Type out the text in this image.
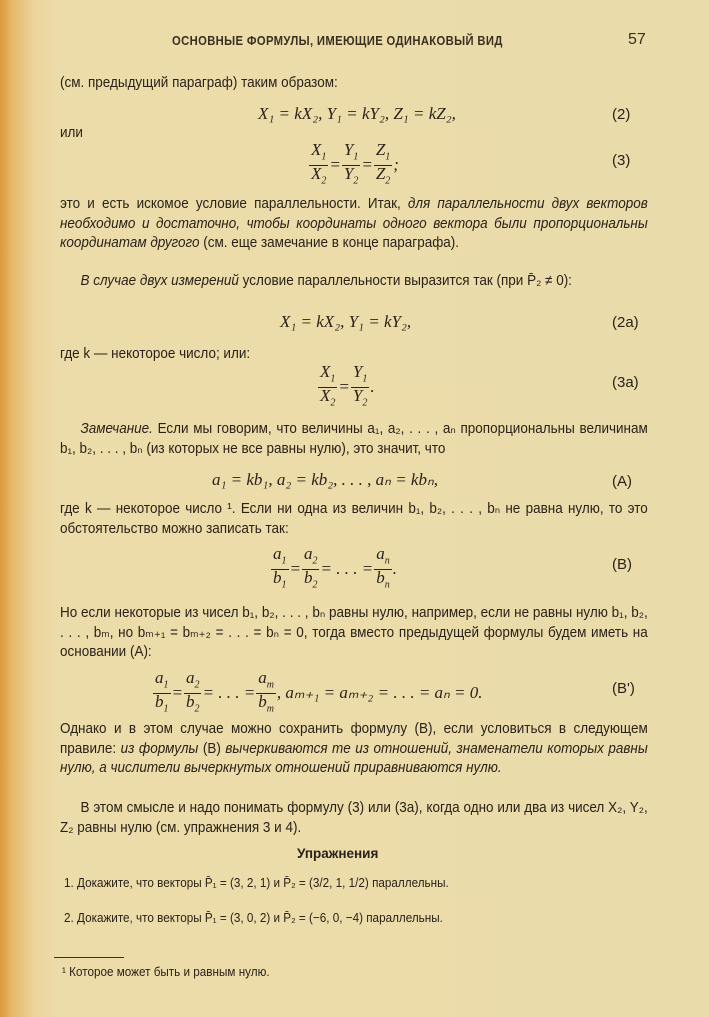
ОСНОВНЫЕ ФОРМУЛЫ, ИМЕЮЩИЕ ОДИНАКОВЫЙ ВИД	57
(см. предыдущий параграф) таким образом:
X₁ = kX₂, Y₁ = kY₂, Z₁ = kZ₂,	(2)
или
$\frac{X_1}{X_2} = \frac{Y_1}{Y_2} = \frac{Z_1}{Z_2}$ ;	(3)
это и есть искомое условие параллельности. Итак, для параллельности двух векторов необходимо и достаточно, чтобы координаты одного вектора были пропорциональны координатам другого (см. еще замечание в конце параграфа).
В случае двух измерений условие параллельности выразится так (при P̄₂ ≠ 0):
X₁ = kX₂, Y₁ = kY₂,	(2a)
где k — некоторое число; или:
$\frac{X_1}{X_2} = \frac{Y_1}{Y_2}$ .	(3a)
Замечание. Если мы говорим, что величины a₁, a₂, . . . , aₙ пропорциональны величинам b₁, b₂, . . . , bₙ (из которых не все равны нулю), это значит, что
a₁ = kb₁, a₂ = kb₂, . . . , aₙ = kbₙ,	(A)
где k — некоторое число ¹. Если ни одна из величин b₁, b₂, . . . , bₙ не равна нулю, то это обстоятельство можно записать так:
$\frac{a_1}{b_1} = \frac{a_2}{b_2}$ = . . . = $\frac{a_n}{b_n}$ .	(B)
Но если некоторые из чисел b₁, b₂, . . . , bₙ равны нулю, например, если не равны нулю b₁, b₂, . . . , bₘ, но bₘ₊₁ = bₘ₊₂ = . . . = bₙ = 0, тогда вместо предыдущей формулы будем иметь на основании (A):
$\frac{a_1}{b_1} = \frac{a_2}{b_2}$ = . . . = $\frac{a_m}{b_m}$ , aₘ₊₁ = aₘ₊₂ = . . . = aₙ = 0.	(B')
Однако и в этом случае можно сохранить формулу (B), если условиться в следующем правиле: из формулы (B) вычеркиваются те из отношений, знаменатели которых равны нулю, а числители вычеркнутых отношений приравниваются нулю.
В этом смысле и надо понимать формулу (3) или (3a), когда одно или два из чисел X₂, Y₂, Z₂ равны нулю (см. упражнения 3 и 4).
Упражнения
1. Докажите, что векторы P̄₁ = (3, 2, 1) и P̄₂ = (3/2, 1, 1/2) параллельны.
2. Докажите, что векторы P̄₁ = (3, 0, 2) и P̄₂ = (−6, 0, −4) параллельны.
¹ Которое может быть и равным нулю.
